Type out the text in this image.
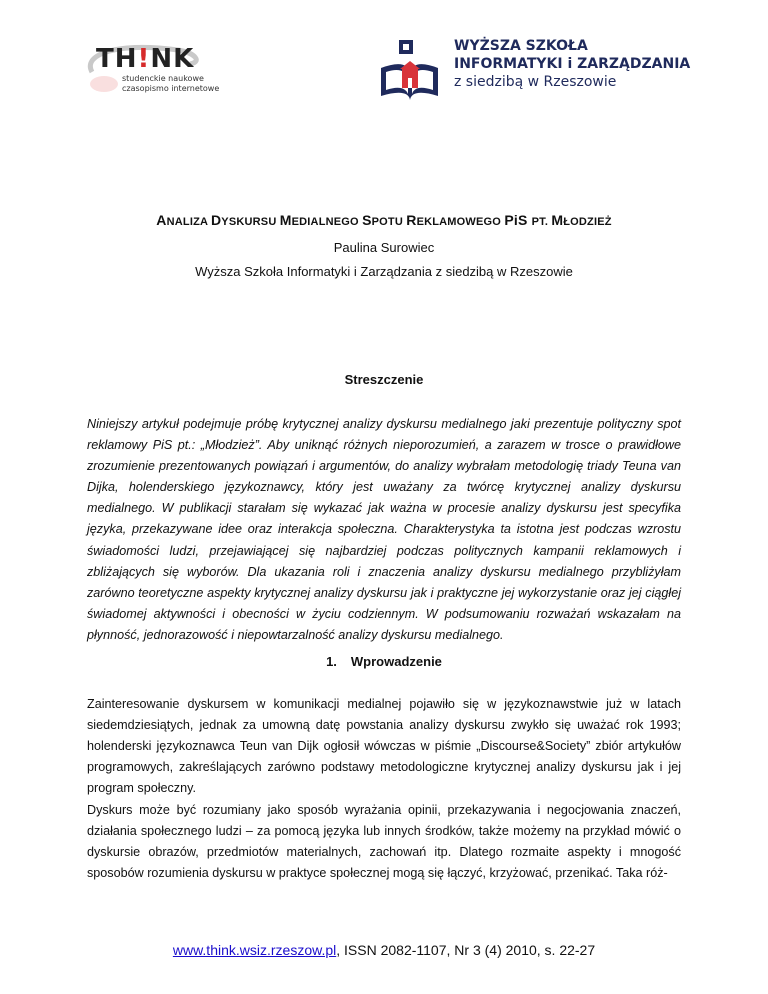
TH!NK
studenckie naukowe
czasopismo internetowe
WYŻSZA SZKOŁA
INFORMATYKI i ZARZĄDZANIA
z siedzibą w Rzeszowie
ANALIZA DYSKURSU MEDIALNEGO SPOTU REKLAMOWEGO PiS PT. MŁODZIEŻ
Paulina Surowiec
Wyższa Szkoła Informatyki i Zarządzania z siedzibą w Rzeszowie
Streszczenie
Niniejszy artykuł podejmuje próbę krytycznej analizy dyskursu medialnego jaki prezentuje polityczny spot reklamowy PiS pt.: „Młodzież”. Aby uniknąć różnych nieporozumień, a zarazem w trosce o prawidłowe zrozumienie prezentowanych powiązań i argumentów, do analizy wybrałam metodologię triady Teuna van Dijka, holenderskiego językoznawcy, który jest uważany za twórcę krytycznej analizy dyskursu medialnego. W publikacji starałam się wykazać jak ważna w procesie analizy dyskursu jest specyfika języka, przekazywane idee oraz interakcja społeczna. Charakterystyka ta istotna jest podczas wzrostu świadomości ludzi, przejawiającej się najbardziej podczas politycznych kampanii reklamowych i zbliżających się wyborów. Dla ukazania roli i znaczenia analizy dyskursu medialnego przybliżyłam zarówno teoretyczne aspekty krytycznej analizy dyskursu jak i praktyczne jej wykorzystanie oraz jej ciągłej świadomej aktywności i obecności w życiu codziennym. W podsumowaniu rozważań wskazałam na płynność, jednorazowość i niepowtarzalność analizy dyskursu medialnego.
1. Wprowadzenie
Zainteresowanie dyskursem w komunikacji medialnej pojawiło się w językoznawstwie już w latach siedemdziesiątych, jednak za umowną datę powstania analizy dyskursu zwykło się uważać rok 1993; holenderski językoznawca Teun van Dijk ogłosił wówczas w piśmie „Discourse&Society” zbiór artykułów programowych, zakreślających zarówno podstawy metodologiczne krytycznej analizy dyskursu jak i jej program społeczny.
Dyskurs może być rozumiany jako sposób wyrażania opinii, przekazywania i negocjowania znaczeń, działania społecznego ludzi – za pomocą języka lub innych środków, także możemy na przykład mówić o dyskursie obrazów, przedmiotów materialnych, zachowań itp. Dlatego rozmaite aspekty i mnogość sposobów rozumienia dyskursu w praktyce społecznej mogą się łączyć, krzyżować, przenikać. Taka róż-
www.think.wsiz.rzeszow.pl, ISSN 2082-1107, Nr 3 (4) 2010, s. 22-27
